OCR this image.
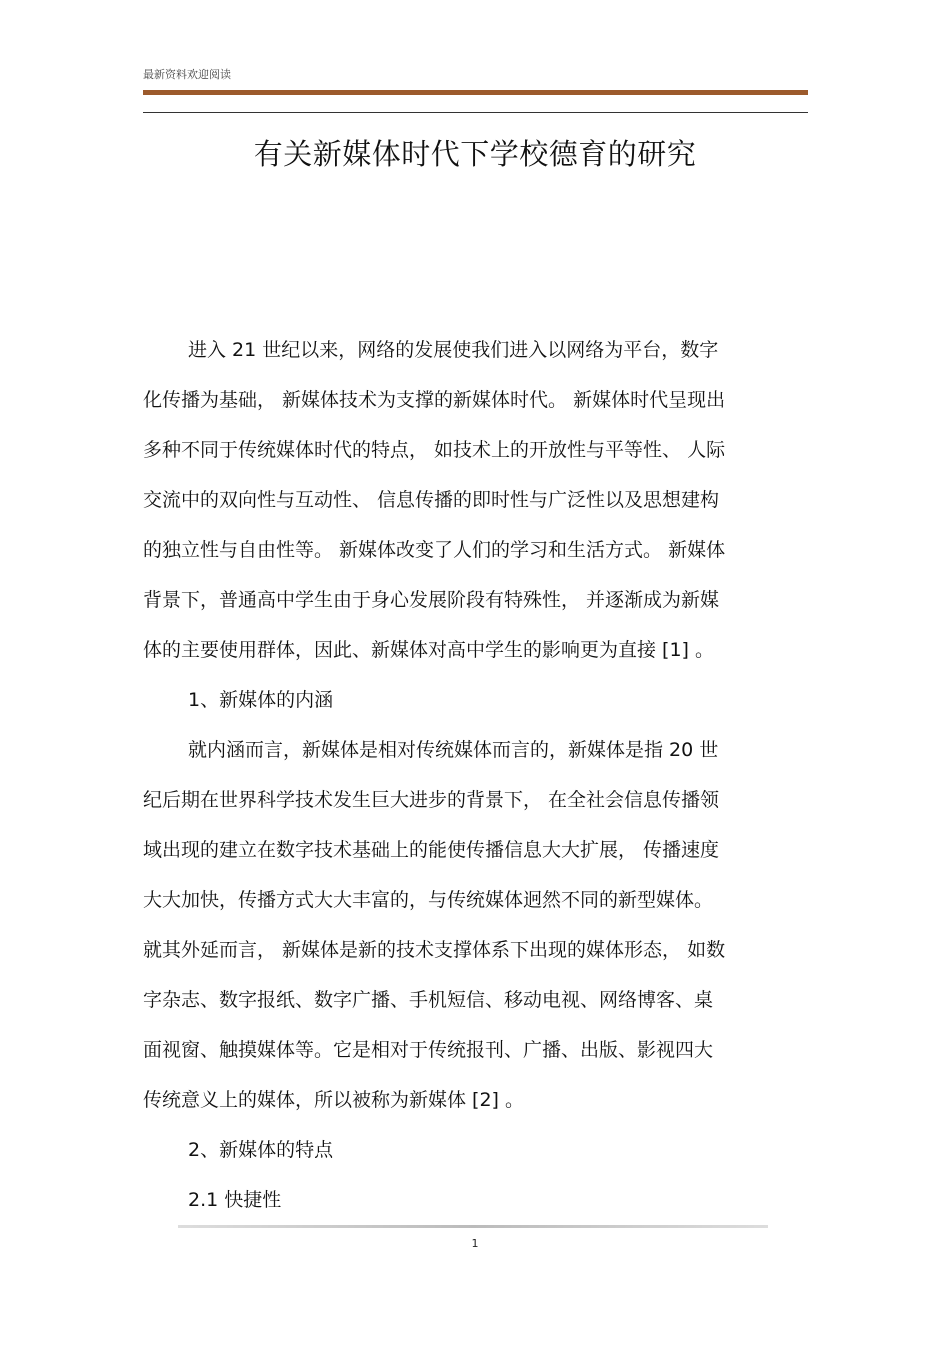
最新资料欢迎阅读
有关新媒体时代下学校德育的研究
进入 21 世纪以来，网络的发展使我们进入以网络为平台，数字
化传播为基础， 新媒体技术为支撑的新媒体时代。 新媒体时代呈现出
多种不同于传统媒体时代的特点， 如技术上的开放性与平等性、 人际
交流中的双向性与互动性、 信息传播的即时性与广泛性以及思想建构
的独立性与自由性等。 新媒体改变了人们的学习和生活方式。 新媒体
背景下，普通高中学生由于身心发展阶段有特殊性， 并逐渐成为新媒
体的主要使用群体，因此、新媒体对高中学生的影响更为直接 [1] 。
1、新媒体的内涵
就内涵而言，新媒体是相对传统媒体而言的，新媒体是指 20 世
纪后期在世界科学技术发生巨大进步的背景下， 在全社会信息传播领
域出现的建立在数字技术基础上的能使传播信息大大扩展， 传播速度
大大加快，传播方式大大丰富的，与传统媒体迥然不同的新型媒体。
就其外延而言， 新媒体是新的技术支撑体系下出现的媒体形态， 如数
字杂志、数字报纸、数字广播、手机短信、移动电视、网络博客、桌
面视窗、触摸媒体等。它是相对于传统报刊、广播、出版、影视四大
传统意义上的媒体，所以被称为新媒体 [2] 。
2、新媒体的特点
2.1 快捷性
1
